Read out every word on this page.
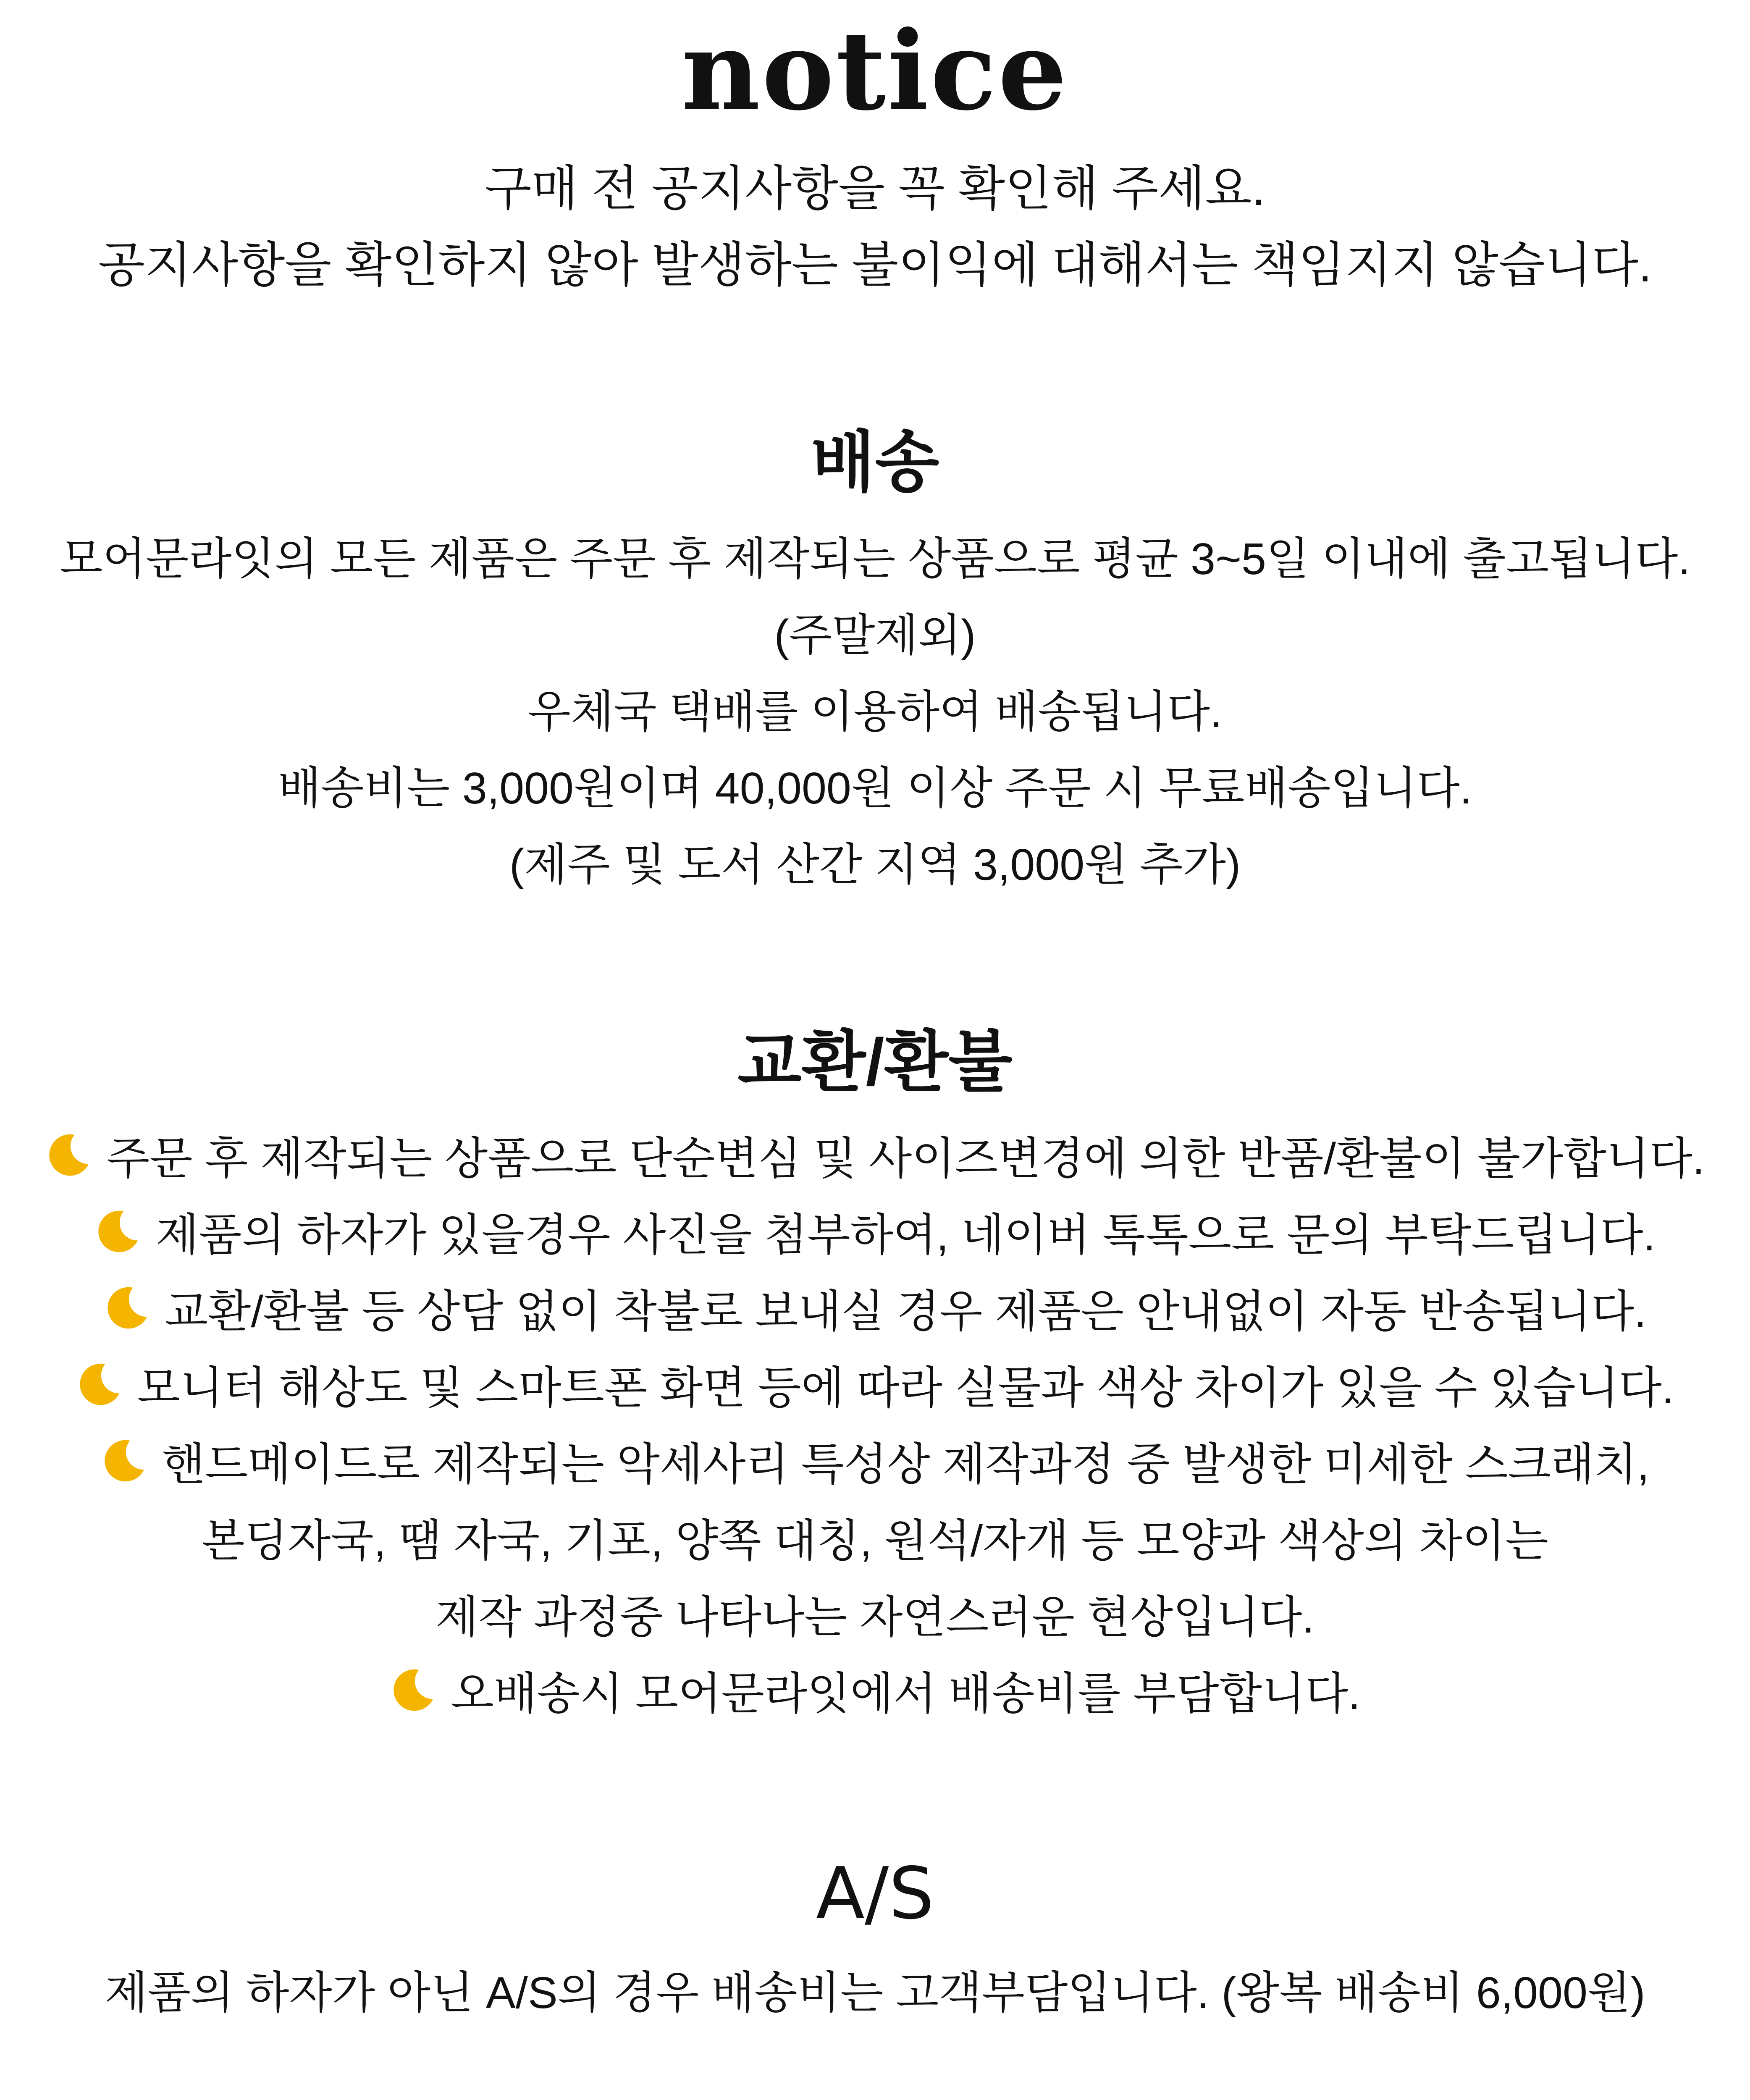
notice
구매 전 공지사항을 꼭 확인해 주세요.
공지사항을 확인하지 않아 발생하는 불이익에 대해서는 책임지지 않습니다.
배송
모어문라잇의 모든 제품은 주문 후 제작되는 상품으로 평균 3~5일 이내에 출고됩니다.
(주말제외)
우체국 택배를 이용하여 배송됩니다.
배송비는 3,000원이며 40,000원 이상 주문 시 무료배송입니다.
(제주 및 도서 산간 지역 3,000원 추가)
교환/환불
주문 후 제작되는 상품으로 단순변심 및 사이즈변경에 의한 반품/환불이 불가합니다.
제품의 하자가 있을경우 사진을 첨부하여, 네이버 톡톡으로 문의 부탁드립니다.
교환/환불 등 상담 없이 착불로 보내실 경우 제품은 안내없이 자동 반송됩니다.
모니터 해상도 및 스마트폰 화면 등에 따라 실물과 색상 차이가 있을 수 있습니다.
핸드메이드로 제작되는 악세사리 특성상 제작과정 중 발생한 미세한 스크래치,
본딩자국, 땜 자국, 기포, 양쪽 대칭, 원석/자개 등 모양과 색상의 차이는
제작 과정중 나타나는 자연스러운 현상입니다.
오배송시 모어문라잇에서 배송비를 부담합니다.
A/S
제품의 하자가 아닌 A/S의 경우 배송비는 고객부담입니다. (왕복 배송비 6,000원)
